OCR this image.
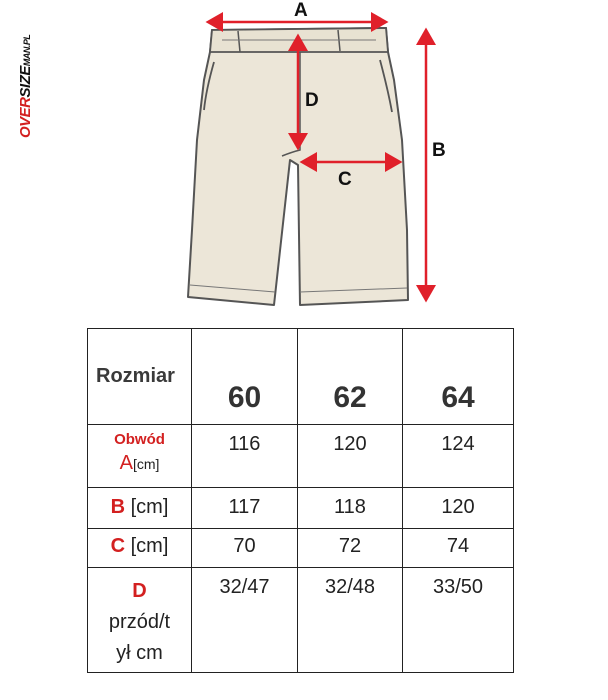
OVERSIZEMAN.PL
A
D
C
B
Rozmiar	60	62	64

Obwód
A[cm]	116	120	124

B [cm]	117	118	120

C [cm]	70	72	74

D
przód/t
ył cm	32/47	32/48	33/50
